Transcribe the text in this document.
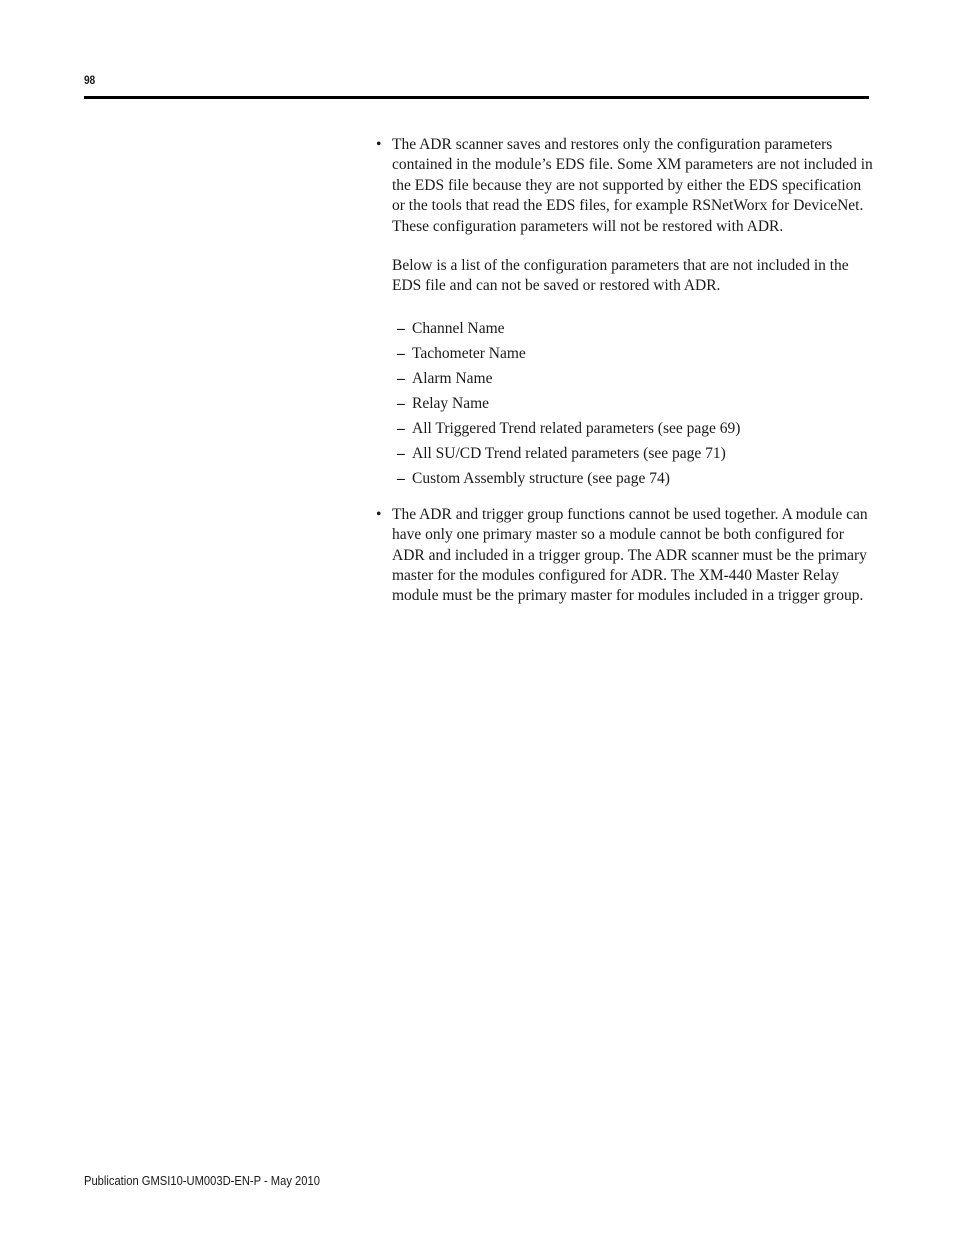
98
• The ADR scanner saves and restores only the configuration parameters contained in the module’s EDS file. Some XM parameters are not included in the EDS file because they are not supported by either the EDS specification or the tools that read the EDS files, for example RSNetWorx for DeviceNet. These configuration parameters will not be restored with ADR.

Below is a list of the configuration parameters that are not included in the EDS file and can not be saved or restored with ADR.

– Channel Name
– Tachometer Name
– Alarm Name
– Relay Name
– All Triggered Trend related parameters (see page 69)
– All SU/CD Trend related parameters (see page 71)
– Custom Assembly structure (see page 74)
• The ADR and trigger group functions cannot be used together. A module can have only one primary master so a module cannot be both configured for ADR and included in a trigger group. The ADR scanner must be the primary master for the modules configured for ADR. The XM-440 Master Relay module must be the primary master for modules included in a trigger group.

Publication GMSI10-UM003D-EN-P - May 2010
